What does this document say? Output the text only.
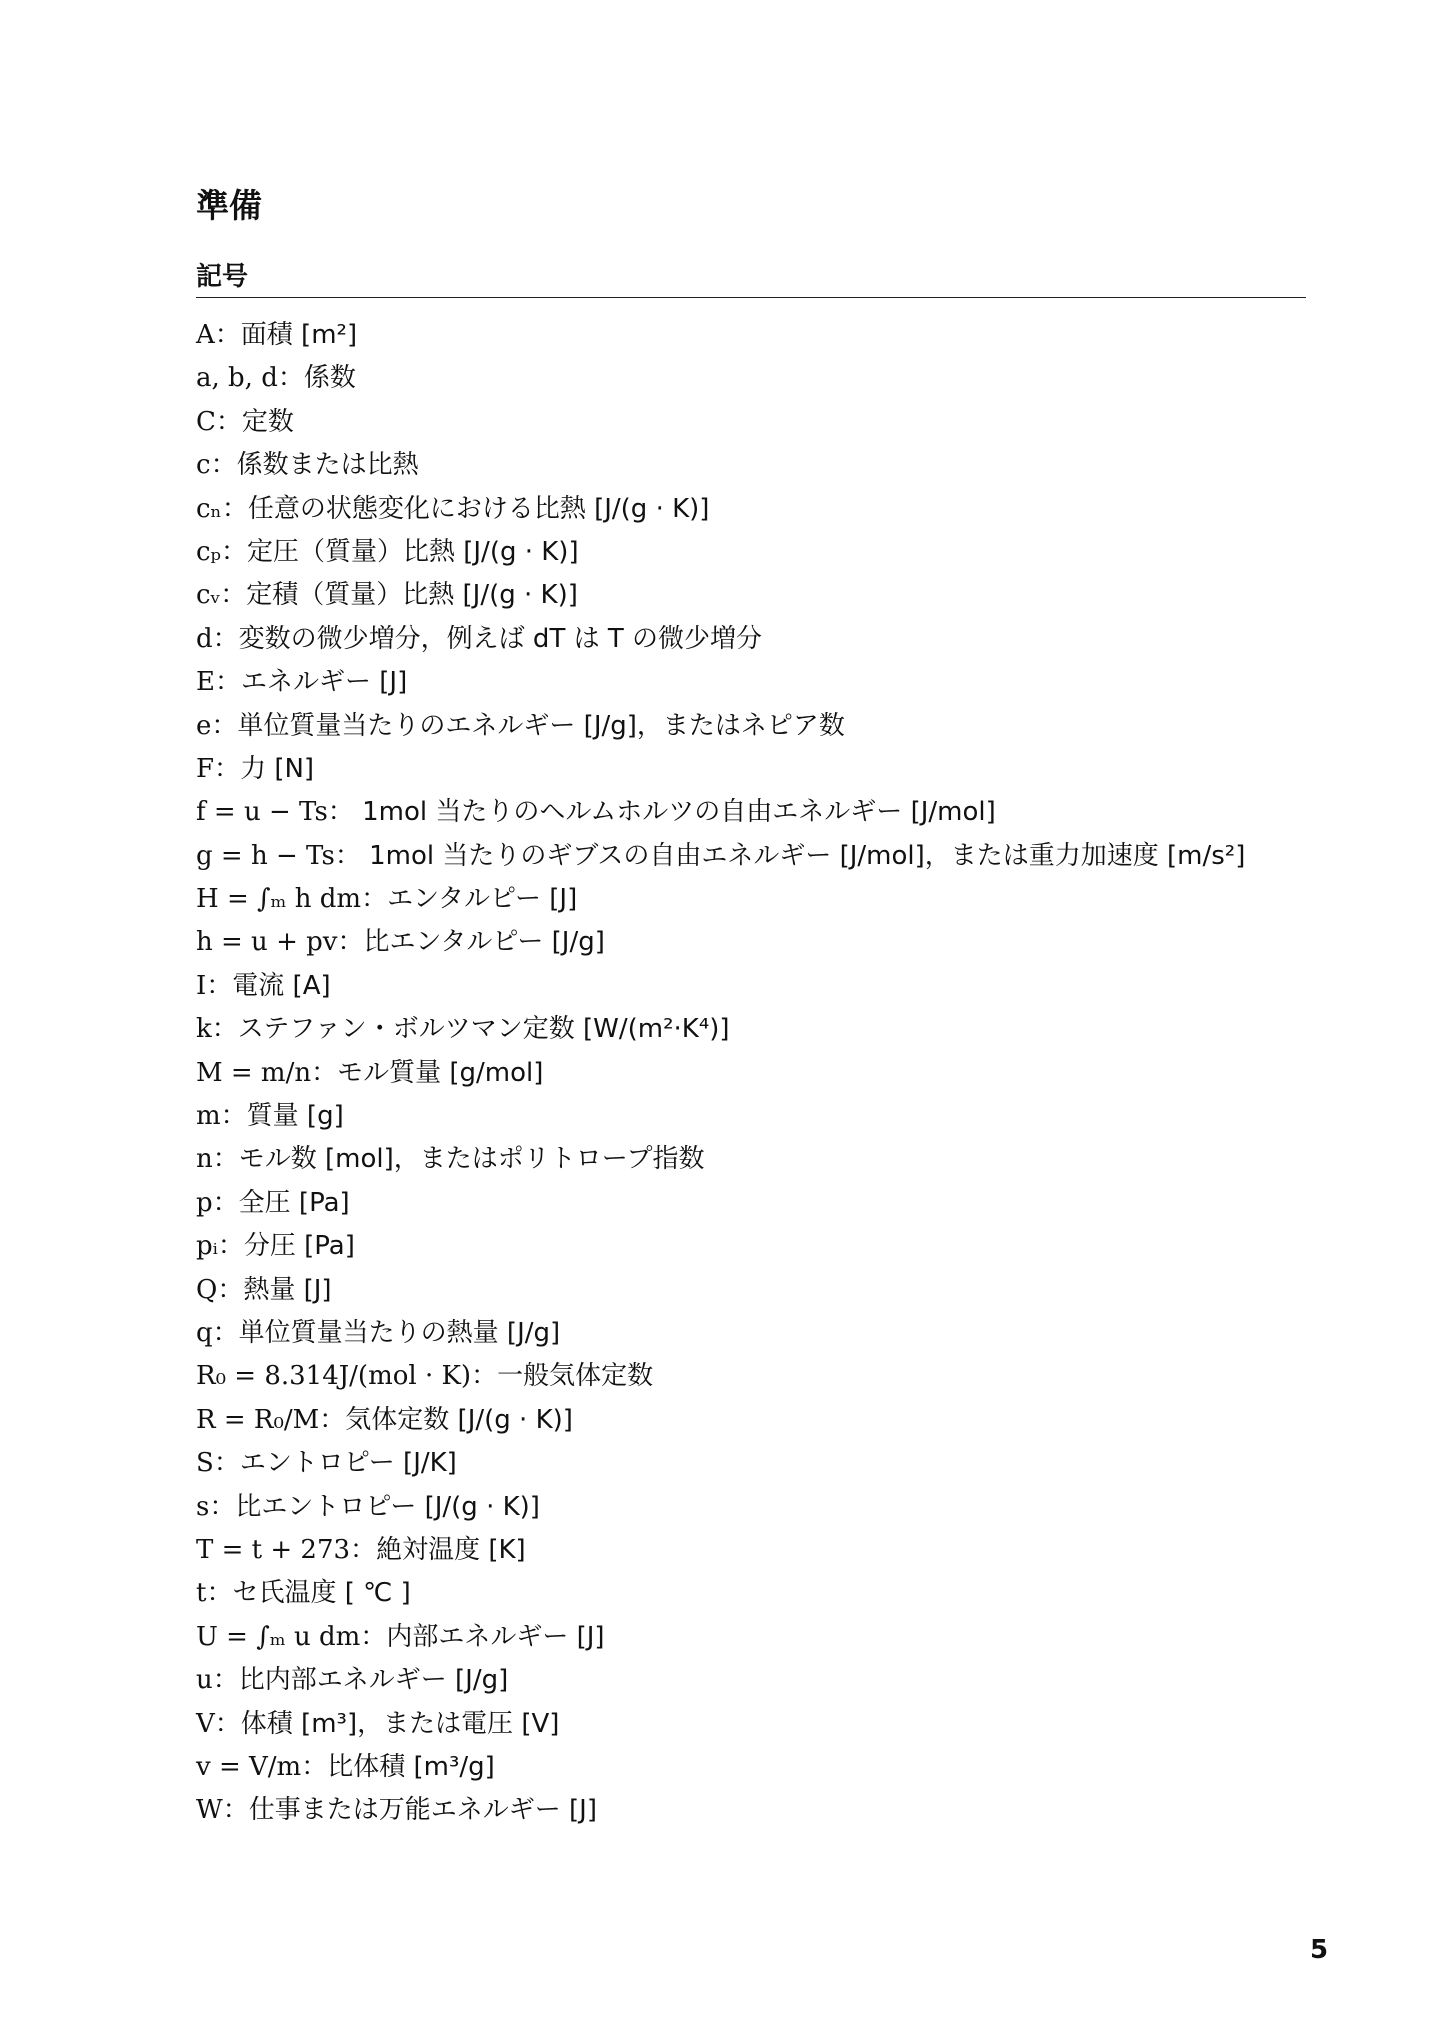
準備
記号
A：面積 [m²]
a, b, d：係数
C：定数
c：係数または比熱
cₙ：任意の状態変化における比熱 [J/(g · K)]
cₚ：定圧（質量）比熱 [J/(g · K)]
cᵥ：定積（質量）比熱 [J/(g · K)]
d：変数の微少増分，例えば dT は T の微少増分
E：エネルギー [J]
e：単位質量当たりのエネルギー [J/g]，またはネピア数
F：力 [N]
f = u − Ts： 1mol 当たりのヘルムホルツの自由エネルギー [J/mol]
g = h − Ts： 1mol 当たりのギブスの自由エネルギー [J/mol]，または重力加速度 [m/s²]
H = ∫ₘ h dm：エンタルピー [J]
h = u + pv：比エンタルピー [J/g]
I：電流 [A]
k：ステファン・ボルツマン定数 [W/(m²·K⁴)]
M = m/n：モル質量 [g/mol]
m：質量 [g]
n：モル数 [mol]，またはポリトロープ指数
p：全圧 [Pa]
pᵢ：分圧 [Pa]
Q：熱量 [J]
q：単位質量当たりの熱量 [J/g]
R₀ = 8.314J/(mol · K)：一般気体定数
R = R₀/M：気体定数 [J/(g · K)]
S：エントロピー [J/K]
s：比エントロピー [J/(g · K)]
T = t + 273：絶対温度 [K]
t：セ氏温度 [ ℃ ]
U = ∫ₘ u dm：内部エネルギー [J]
u：比内部エネルギー [J/g]
V：体積 [m³]，または電圧 [V]
v = V/m：比体積 [m³/g]
W：仕事または万能エネルギー [J]
5
